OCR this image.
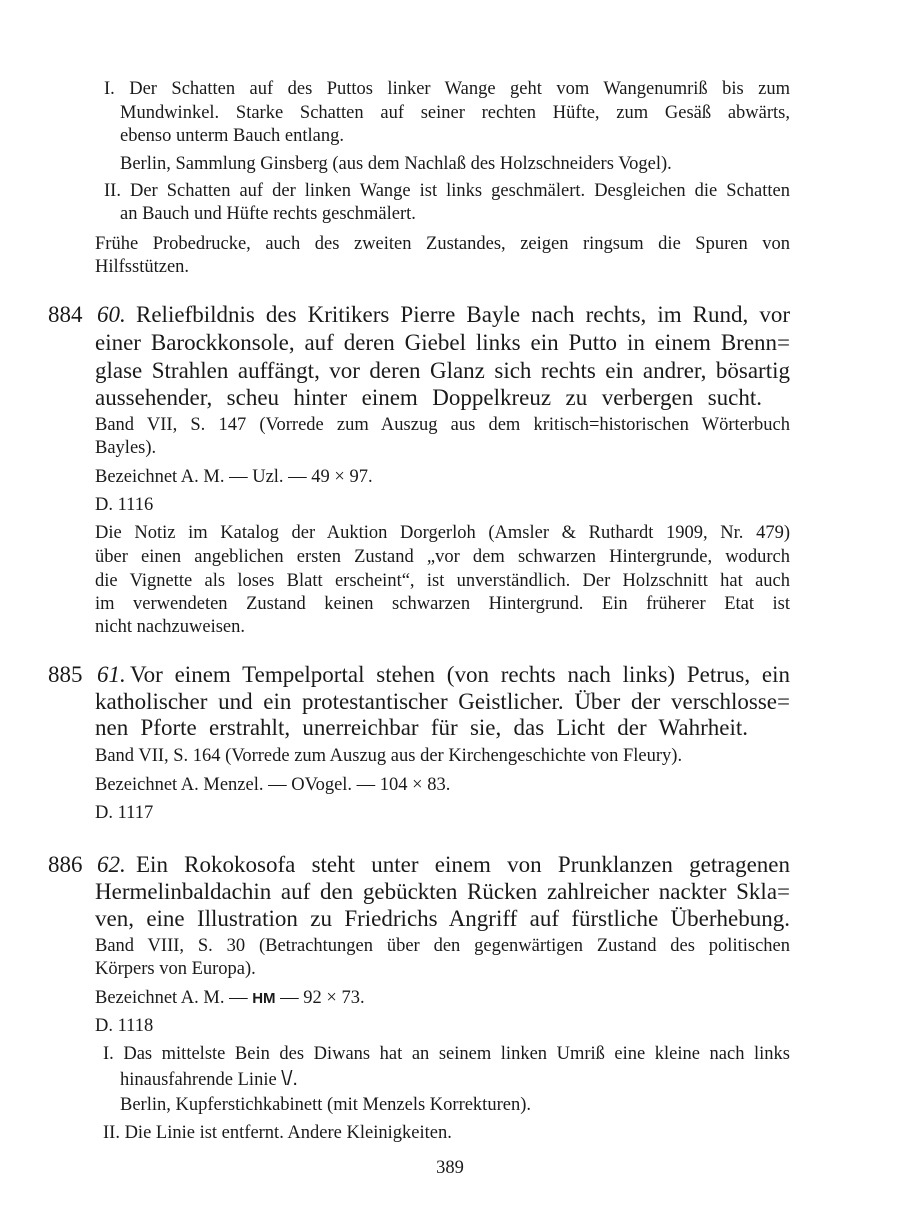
I. Der Schatten auf des Puttos linker Wange geht vom Wangenumriß bis zum
Mundwinkel. Starke Schatten auf seiner rechten Hüfte, zum Gesäß abwärts,
ebenso unterm Bauch entlang.
Berlin, Sammlung Ginsberg (aus dem Nachlaß des Holzschneiders Vogel).
II. Der Schatten auf der linken Wange ist links geschmälert. Desgleichen die Schatten
an Bauch und Hüfte rechts geschmälert.
Frühe Probedrucke, auch des zweiten Zustandes, zeigen ringsum die Spuren von
Hilfsstützen.
884 60. Reliefbildnis des Kritikers Pierre Bayle nach rechts, im Rund, vor
einer Barockkonsole, auf deren Giebel links ein Putto in einem Brenn=
glase Strahlen auffängt, vor deren Glanz sich rechts ein andrer, bösartig
aussehender, scheu hinter einem Doppelkreuz zu verbergen sucht.
Band VII, S. 147 (Vorrede zum Auszug aus dem kritisch=historischen Wörterbuch
Bayles).
Bezeichnet A. M. — Uzl. — 49 × 97.
D. 1116
Die Notiz im Katalog der Auktion Dorgerloh (Amsler & Ruthardt 1909, Nr. 479)
über einen angeblichen ersten Zustand „vor dem schwarzen Hintergrunde, wodurch
die Vignette als loses Blatt erscheint“, ist unverständlich. Der Holzschnitt hat auch
im verwendeten Zustand keinen schwarzen Hintergrund. Ein früherer Etat ist
nicht nachzuweisen.
885 61. Vor einem Tempelportal stehen (von rechts nach links) Petrus, ein
katholischer und ein protestantischer Geistlicher. Über der verschlosse=
nen Pforte erstrahlt, unerreichbar für sie, das Licht der Wahrheit.
Band VII, S. 164 (Vorrede zum Auszug aus der Kirchengeschichte von Fleury).
Bezeichnet A. Menzel. — OVogel. — 104 × 83.
D. 1117
886 62. Ein Rokokosofa steht unter einem von Prunklanzen getragenen
Hermelinbaldachin auf den gebückten Rücken zahlreicher nackter Skla=
ven, eine Illustration zu Friedrichs Angriff auf fürstliche Überhebung.
Band VIII, S. 30 (Betrachtungen über den gegenwärtigen Zustand des politischen
Körpers von Europa).
Bezeichnet A. M. — HM — 92 × 73.
D. 1118
I. Das mittelste Bein des Diwans hat an seinem linken Umriß eine kleine nach links
hinausfahrende Linie \/.
Berlin, Kupferstichkabinett (mit Menzels Korrekturen).
II. Die Linie ist entfernt. Andere Kleinigkeiten.
389
